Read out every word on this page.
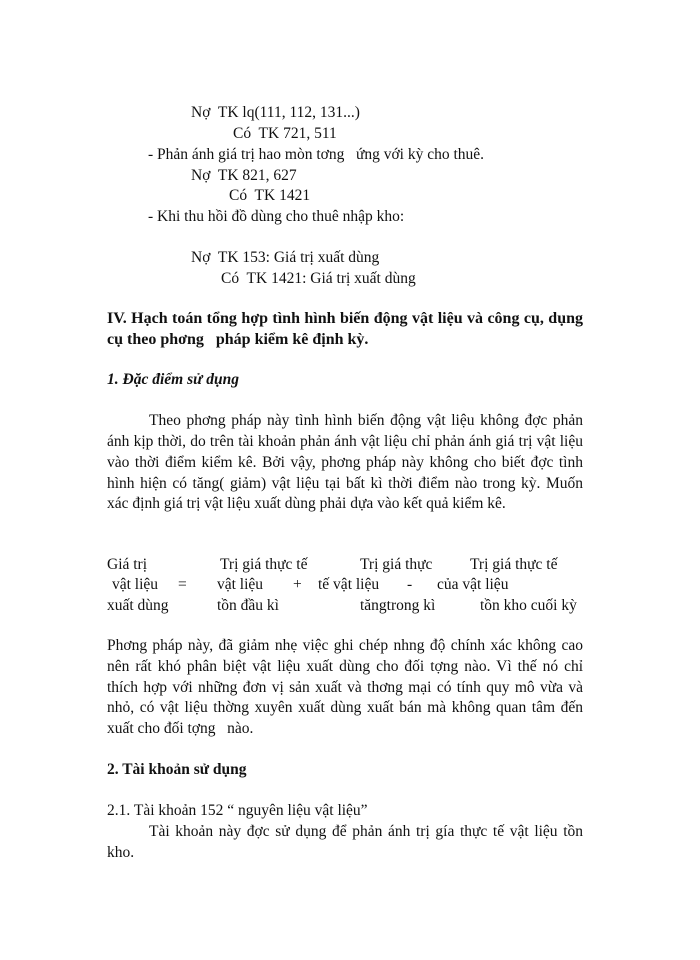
Nợ  TK lq(111, 112, 131...)
Có  TK 721, 511
- Phản ánh giá trị hao mòn tơng   ứng với kỳ cho thuê.
Nợ  TK 821, 627
Có  TK 1421
- Khi thu hồi đồ dùng cho thuê nhập kho:
Nợ  TK 153: Giá trị xuất dùng
Có  TK 1421: Giá trị xuất dùng
IV. Hạch toán tổng hợp tình hình biến động vật liệu và công cụ, dụng
cụ theo phơng   pháp kiểm kê định kỳ.
1. Đặc điểm sử dụng
Theo phơng pháp này tình hình biến động vật liệu không đợc phản
ánh kịp thời, do trên tài khoản phản ánh vật liệu chỉ phản ánh giá trị vật liệu
vào thời điểm kiểm kê. Bởi vậy, phơng pháp này không cho biết đợc tình
hình hiện có tăng( giảm) vật liệu tại bất kì thời điểm nào trong kỳ. Muốn
xác định giá trị vật liệu xuất dùng phải dựa vào kết quả kiểm kê.
Giá trị
vật liệu
xuất dùng
=
Trị giá thực tế
vật liệu
tồn đầu kì
+
Trị giá thực
tế vật liệu
tăngtrong kì
-
Trị giá thực tế
của vật liệu
tồn kho cuối kỳ
Phơng pháp này, đã giảm nhẹ việc ghi chép nhng độ chính xác không cao
nên rất khó phân biệt vật liệu xuất dùng cho đối tợng nào. Vì thế nó chỉ
thích hợp với những đơn vị sản xuất và thơng mại có tính quy mô vừa và
nhỏ, có vật liệu thờng xuyên xuất dùng xuất bán mà không quan tâm đến
xuất cho đối tợng   nào.
2. Tài khoản sử dụng
2.1. Tài khoản 152 “ nguyên liệu vật liệu”
Tài khoản này đợc sử dụng để phản ánh trị gía thực tế vật liệu tồn
kho.
